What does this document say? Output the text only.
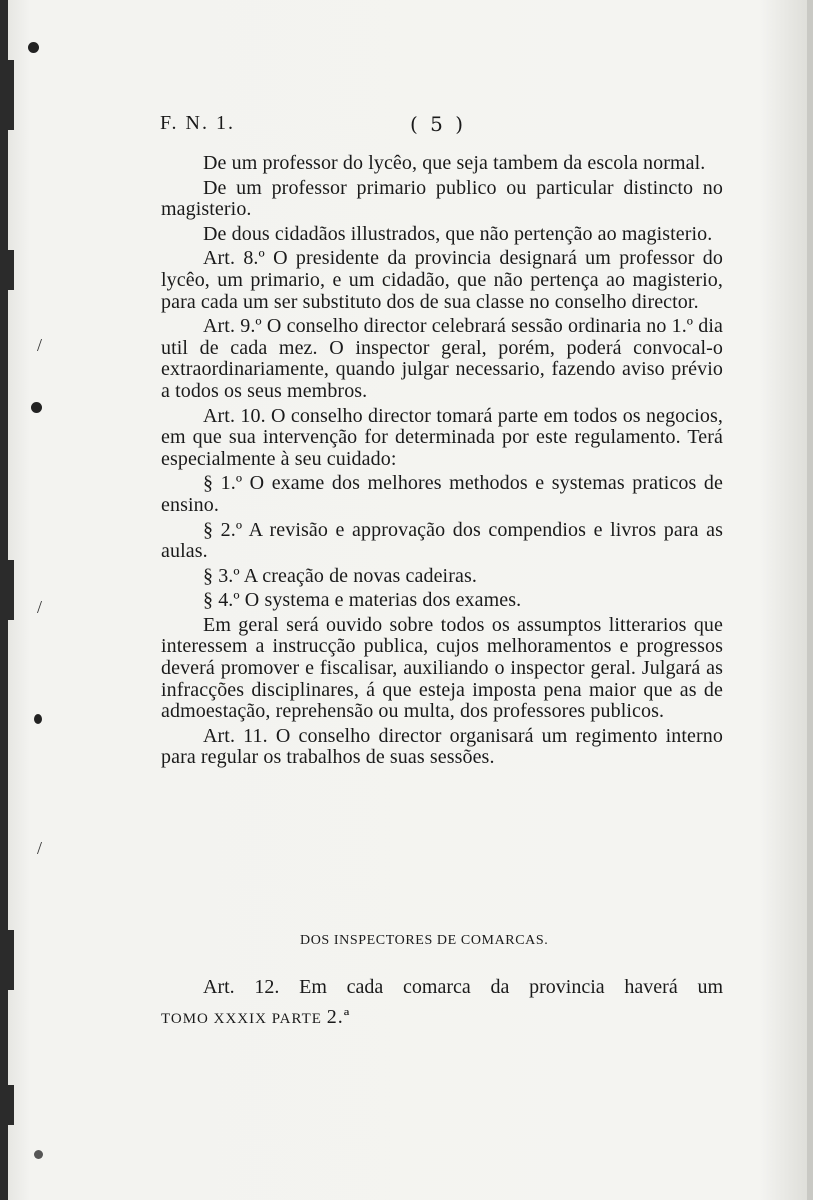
F. N. 1.	( 5 )

De um professor do lycêo, que seja tambem da escola normal.

De um professor primario publico ou particular distincto no magisterio.

De dous cidadãos illustrados, que não pertenção ao magisterio.

Art. 8.º O presidente da provincia designará um professor do lycêo, um primario, e um cidadão, que não pertença ao magisterio, para cada um ser substituto dos de sua classe no conselho director.

Art. 9.º O conselho director celebrará sessão ordinaria no 1.º dia util de cada mez. O inspector geral, porém, poderá convocal-o extraordinariamente, quando julgar necessario, fazendo aviso prévio a todos os seus membros.

Art. 10. O conselho director tomará parte em todos os negocios, em que sua intervenção for determinada por este regulamento. Terá especialmente à seu cuidado:

§ 1.º O exame dos melhores methodos e systemas praticos de ensino.

§ 2.º A revisão e approvação dos compendios e livros para as aulas.

§ 3.º A creação de novas cadeiras.

§ 4.º O systema e materias dos exames.

Em geral será ouvido sobre todos os assumptos litterarios que interessem a instrucção publica, cujos melhoramentos e progressos deverá promover e fiscalisar, auxiliando o inspector geral. Julgará as infracções disciplinares, á que esteja imposta pena maior que as de admoestação, reprehensão ou multa, dos professores publicos.

Art. 11. O conselho director organisará um regimento interno para regular os trabalhos de suas sessões.

DOS INSPECTORES DE COMARCAS.
Art. 12. Em cada comarca da provincia haverá um
TOMO XXXIX PARTE 2.ª
/
/
/
